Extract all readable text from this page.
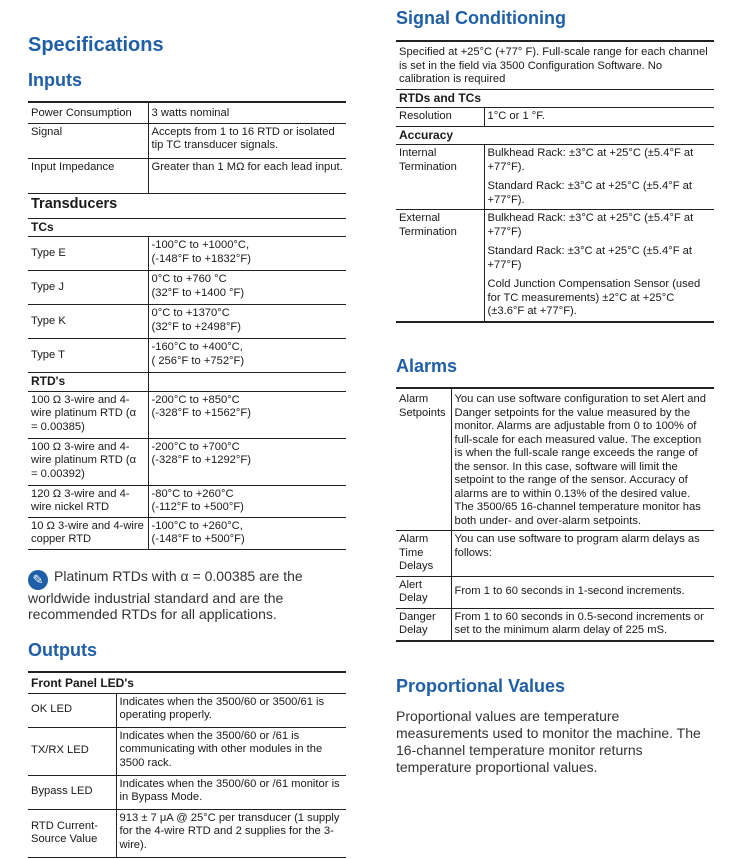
Specifications
Inputs
Power Consumption	3 watts nominal
Signal	Accepts from 1 to 16 RTD or isolated tip TC transducer signals.
Input Impedance	Greater than 1 MΩ for each lead input.
Transducers	
TCs	
Type E	-100°C to +1000°C,
(-148°F to +1832°F)

Type J	0°C to +760 °C
(32°F to +1400 °F)

Type K	0°C to +1370°C
(32°F to +2498°F)

Type T	-160°C to +400°C,
( 256°F to +752°F)

RTD's	
100 Ω 3-wire and 4-wire platinum RTD (α = 0.00385)	-200°C to +850°C
(-328°F to +1562°F)

100 Ω 3-wire and 4-wire platinum RTD (α = 0.00392)	-200°C to +700°C
(-328°F to +1292°F)

120 Ω 3-wire and 4-wire nickel RTD	-80°C to +260°C
(-112°F to +500°F)

10 Ω 3-wire and 4-wire copper RTD	-100°C to +260°C,
(-148°F to +500°F)
✎ Platinum RTDs with α = 0.00385 are the worldwide industrial standard and are the recommended RTDs for all applications.
Outputs
Front Panel LED's	
OK LED	Indicates when the 3500/60 or 3500/61 is operating properly.
TX/RX LED	Indicates when the 3500/60 or /61 is communicating with other modules in the 3500 rack.
Bypass LED	Indicates when the 3500/60 or /61 monitor is in Bypass Mode.
RTD Current-Source Value	913 ± 7 μA @ 25°C per transducer (1 supply for the 4-wire RTD and 2 supplies for the 3-wire).
Signal Conditioning
Specified at +25°C (+77° F). Full-scale range for each channel is set in the field via 3500 Configuration Software. No calibration is required	
RTDs and TCs	
Resolution	1°C or 1 °F.
Accuracy	
Internal Termination	Bulkhead Rack: ±3°C at +25°C (±5.4°F at +77°F).
Standard Rack: ±3°C at +25°C (±5.4°F at +77°F).

External Termination	Bulkhead Rack: ±3°C at +25°C (±5.4°F at +77°F)
Standard Rack: ±3°C at +25°C (±5.4°F at +77°F)
Cold Junction Compensation Sensor (used for TC measurements) ±2°C at +25°C (±3.6°F at +77°F).
Alarms
Alarm Setpoints	You can use software configuration to set Alert and Danger setpoints for the value measured by the monitor. Alarms are adjustable from 0 to 100% of full-scale for each measured value. The exception is when the full-scale range exceeds the range of the sensor. In this case, software will limit the setpoint to the range of the sensor. Accuracy of alarms are to within 0.13% of the desired value. The 3500/65 16-channel temperature monitor has both under- and over-alarm setpoints.
Alarm Time Delays	You can use software to program alarm delays as follows:
Alert Delay	From 1 to 60 seconds in 1-second increments.
Danger Delay	From 1 to 60 seconds in 0.5-second increments or set to the minimum alarm delay of 225 mS.
Proportional Values
Proportional values are temperature measurements used to monitor the machine. The 16-channel temperature monitor returns temperature proportional values.
